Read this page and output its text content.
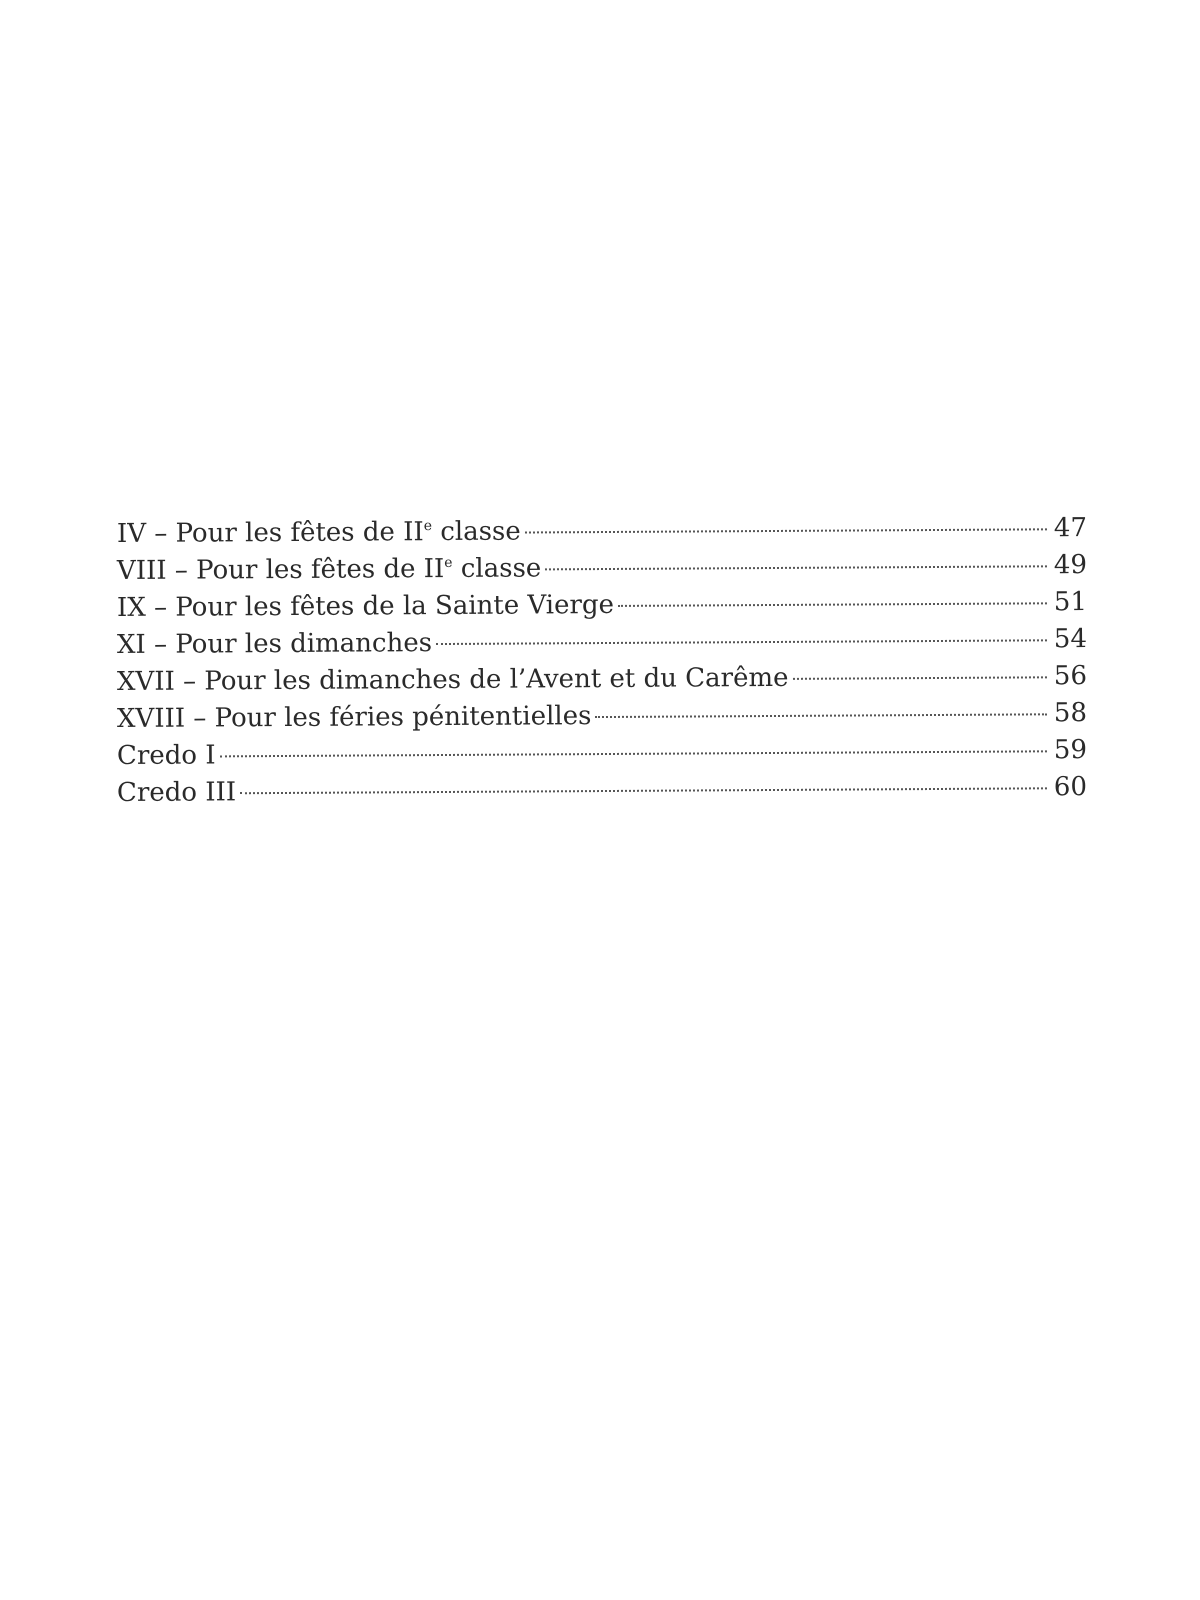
IV – Pour les fêtes de IIe classe	47
VIII – Pour les fêtes de IIe classe	49
IX – Pour les fêtes de la Sainte Vierge	51
XI – Pour les dimanches	54
XVII – Pour les dimanches de l’Avent et du Carême	56
XVIII – Pour les féries pénitentielles	58
Credo I	59
Credo III	60
